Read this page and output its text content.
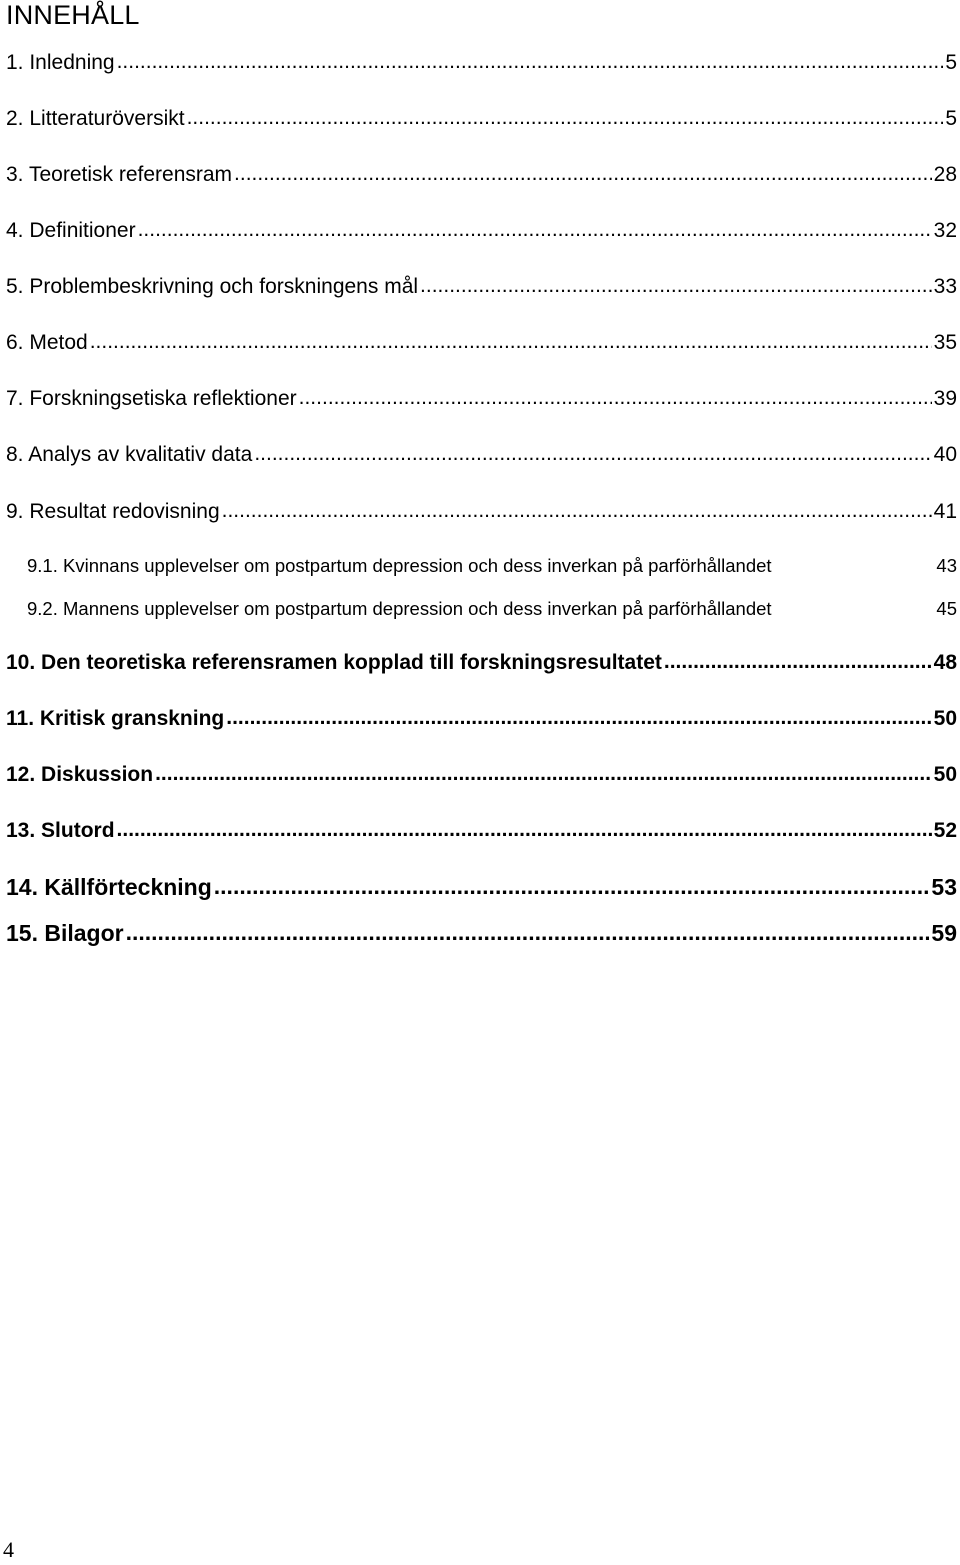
INNEHÅLL
1. Inledning .....	5
2. Litteraturöversikt .....	5
3. Teoretisk referensram .....	28
4. Definitioner .....	32
5. Problembeskrivning och forskningens mål .....	33
6. Metod .....	35
7. Forskningsetiska reflektioner .....	39
8. Analys av kvalitativ data .....	40
9. Resultat redovisning .....	41
9.1. Kvinnans upplevelser om postpartum depression och dess inverkan på parförhållandet	43
9.2. Mannens upplevelser om postpartum depression och dess inverkan på parförhållandet	45
10. Den teoretiska referensramen kopplad till forskningsresultatet .....	48
11. Kritisk granskning .....	50
12. Diskussion .....	50
13. Slutord .....	52
14. Källförteckning .....	53
15. Bilagor .....	59
4
